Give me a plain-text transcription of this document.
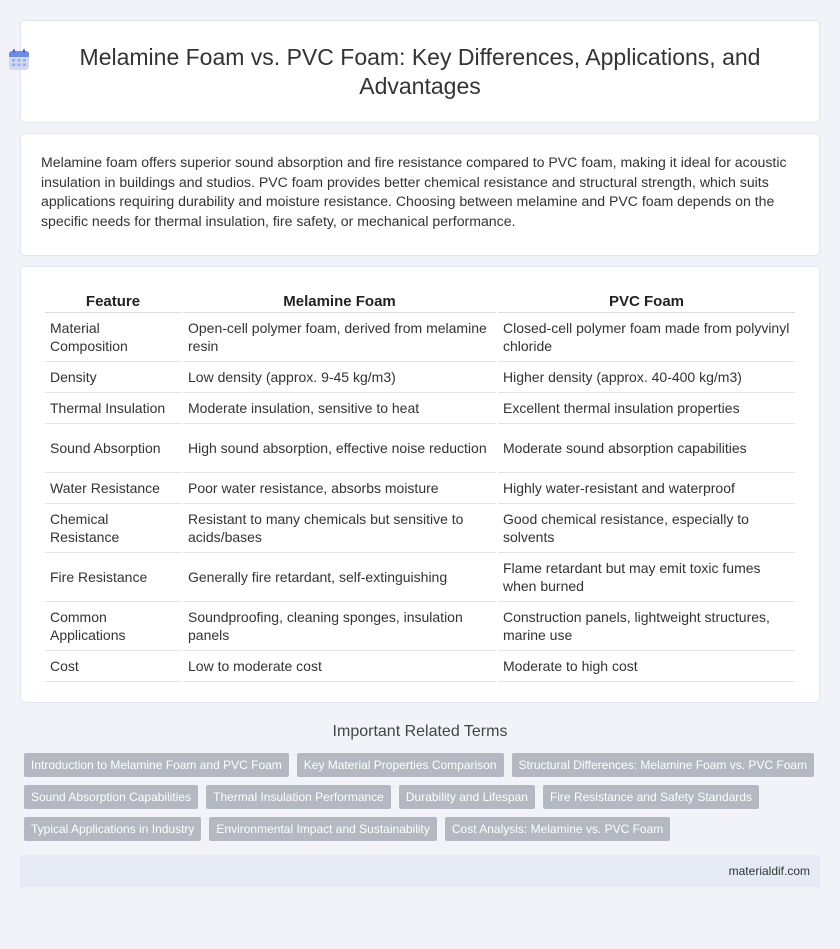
Melamine Foam vs. PVC Foam: Key Differences, Applications, and Advantages
Melamine foam offers superior sound absorption and fire resistance compared to PVC foam, making it ideal for acoustic insulation in buildings and studios. PVC foam provides better chemical resistance and structural strength, which suits applications requiring durability and moisture resistance. Choosing between melamine and PVC foam depends on the specific needs for thermal insulation, fire safety, or mechanical performance.
Feature	Melamine Foam	PVC Foam
Material Composition	Open-cell polymer foam, derived from melamine resin	Closed-cell polymer foam made from polyvinyl chloride
Density	Low density (approx. 9-45 kg/m3)	Higher density (approx. 40-400 kg/m3)
Thermal Insulation	Moderate insulation, sensitive to heat	Excellent thermal insulation properties
Sound Absorption	High sound absorption, effective noise reduction	Moderate sound absorption capabilities
Water Resistance	Poor water resistance, absorbs moisture	Highly water-resistant and waterproof
Chemical Resistance	Resistant to many chemicals but sensitive to acids/bases	Good chemical resistance, especially to solvents
Fire Resistance	Generally fire retardant, self-extinguishing	Flame retardant but may emit toxic fumes when burned
Common Applications	Soundproofing, cleaning sponges, insulation panels	Construction panels, lightweight structures, marine use
Cost	Low to moderate cost	Moderate to high cost
Important Related Terms
Introduction to Melamine Foam and PVC Foam	Key Material Properties Comparison	Structural Differences: Melamine Foam vs. PVC Foam
Sound Absorption Capabilities	Thermal Insulation Performance	Durability and Lifespan	Fire Resistance and Safety Standards
Typical Applications in Industry	Environmental Impact and Sustainability	Cost Analysis: Melamine vs. PVC Foam
materialdif.com
